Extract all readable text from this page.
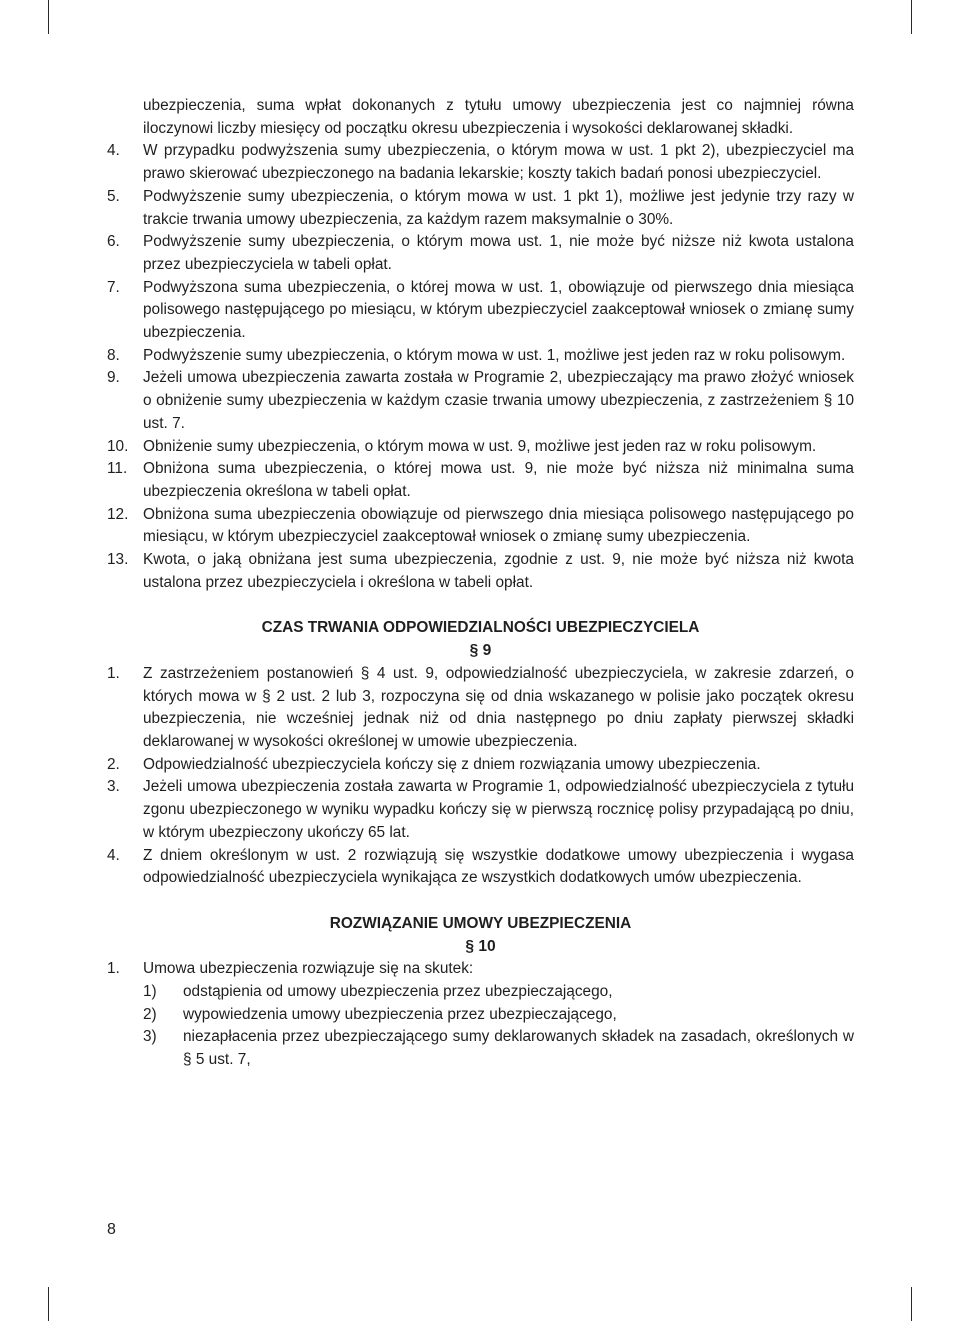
ubezpieczenia, suma wpłat dokonanych z tytułu umowy ubezpieczenia jest co najmniej równa iloczynowi liczby miesięcy od początku okresu ubezpieczenia i wysokości deklarowanej składki.
4. W przypadku podwyższenia sumy ubezpieczenia, o którym mowa w ust. 1 pkt 2), ubezpieczyciel ma prawo skierować ubezpieczonego na badania lekarskie; koszty takich badań ponosi ubezpieczyciel.
5. Podwyższenie sumy ubezpieczenia, o którym mowa w ust. 1 pkt 1), możliwe jest jedynie trzy razy w trakcie trwania umowy ubezpieczenia, za każdym razem maksymalnie o 30%.
6. Podwyższenie sumy ubezpieczenia, o którym mowa ust. 1, nie może być niższe niż kwota ustalona przez ubezpieczyciela w tabeli opłat.
7. Podwyższona suma ubezpieczenia, o której mowa w ust. 1, obowiązuje od pierwszego dnia miesiąca polisowego następującego po miesiącu, w którym ubezpieczyciel zaakceptował wniosek o zmianę sumy ubezpieczenia.
8. Podwyższenie sumy ubezpieczenia, o którym mowa w ust. 1, możliwe jest jeden raz w roku polisowym.
9. Jeżeli umowa ubezpieczenia zawarta została w Programie 2, ubezpieczający ma prawo złożyć wniosek o obniżenie sumy ubezpieczenia w każdym czasie trwania umowy ubezpieczenia, z zastrzeżeniem § 10 ust. 7.
10. Obniżenie sumy ubezpieczenia, o którym mowa w ust. 9, możliwe jest jeden raz w roku polisowym.
11. Obniżona suma ubezpieczenia, o której mowa ust. 9, nie może być niższa niż minimalna suma ubezpieczenia określona w tabeli opłat.
12. Obniżona suma ubezpieczenia obowiązuje od pierwszego dnia miesiąca polisowego następującego po miesiącu, w którym ubezpieczyciel zaakceptował wniosek o zmianę sumy ubezpieczenia.
13. Kwota, o jaką obniżana jest suma ubezpieczenia, zgodnie z ust. 9, nie może być niższa niż kwota ustalona przez ubezpieczyciela i określona w tabeli opłat.
CZAS TRWANIA ODPOWIEDZIALNOŚCI UBEZPIECZYCIELA
§ 9
1. Z zastrzeżeniem postanowień § 4 ust. 9, odpowiedzialność ubezpieczyciela, w zakresie zdarzeń, o których mowa w § 2 ust. 2 lub 3, rozpoczyna się od dnia wskazanego w polisie jako początek okresu ubezpieczenia, nie wcześniej jednak niż od dnia następnego po dniu zapłaty pierwszej składki deklarowanej w wysokości określonej w umowie ubezpieczenia.
2. Odpowiedzialność ubezpieczyciela kończy się z dniem rozwiązania umowy ubezpieczenia.
3. Jeżeli umowa ubezpieczenia została zawarta w Programie 1, odpowiedzialność ubezpieczyciela z tytułu zgonu ubezpieczonego w wyniku wypadku kończy się w pierwszą rocznicę polisy przypadającą po dniu, w którym ubezpieczony ukończy 65 lat.
4. Z dniem określonym w ust. 2 rozwiązują się wszystkie dodatkowe umowy ubezpieczenia i wygasa odpowiedzialność ubezpieczyciela wynikająca ze wszystkich dodatkowych umów ubezpieczenia.
ROZWIĄZANIE UMOWY UBEZPIECZENIA
§ 10
1. Umowa ubezpieczenia rozwiązuje się na skutek:
1) odstąpienia od umowy ubezpieczenia przez ubezpieczającego,
2) wypowiedzenia umowy ubezpieczenia przez ubezpieczającego,
3) niezapłacenia przez ubezpieczającego sumy deklarowanych składek na zasadach, określonych w § 5 ust. 7,
8
